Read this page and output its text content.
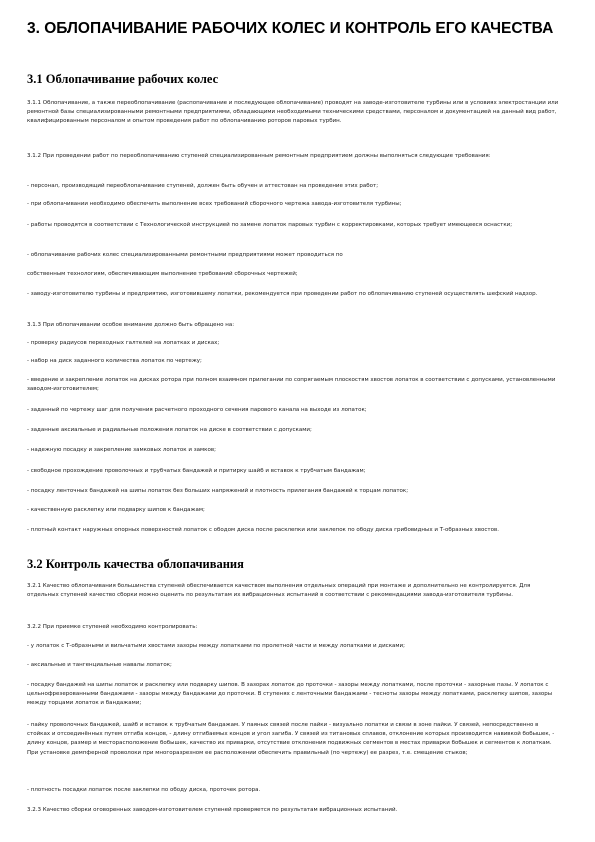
3. ОБЛОПАЧИВАНИЕ РАБОЧИХ КОЛЕС И КОНТРОЛЬ ЕГО КАЧЕСТВА
3.1 Облопачивание рабочих колес

3.1.1 Облопачивание, а также переоблопачивание (распопачивание и последующее облопачивание) проводят на заводе-изготовителе турбины или в условиях электростанции или ремонтной базы специализированными ремонтными предприятиями, обладающими необходимыми техническими средствами, персоналом и документацией на данный вид работ, квалифицированным персоналом и опытом проведения работ по облопачиванию роторов паровых турбин.

3.1.2 При проведении работ по переоблопачиванию ступеней специализированным ремонтным предприятием должны выполняться следующие требования:

- персонал, производящий переоблопачивание ступеней, должен быть обучен и аттестован на проведение этих работ;

- при облопачивании необходимо обеспечить выполнение всех требований сборочного чертежа завода-изготовителя турбины;

- работы проводятся в соответствии с Технологической инструкцией по замене лопаток паровых турбин с корректировками, которых требует имеющееся оснастки;

- облопачивание рабочих колес специализированными ремонтными предприятиями может проводиться по

собственным технологиям, обеспечивающим выполнение требований сборочных чертежей;

- заводу-изготовителю турбины и предприятию, изготовившему лопатки, рекомендуется при проведении работ по облопачиванию ступеней осуществлять шефский надзор.

3.1.3 При облопачивании особое внимание должно быть обращено на:

- проверку радиусов переходных галтелей на лопатках и дисках;

- набор на диск заданного количества лопаток по чертежу;

- введение и закрепление лопаток на дисках ротора при полном взаимном прилегании по сопрягаемым плоскостям хвостов лопаток в соответствии с допусками, установленными заводом-изготовителем;

- заданный по чертежу шаг для получения расчетного проходного сечения парового канала на выходе из лопаток;

- заданные аксиальные и радиальные положения лопаток на диске в соответствии с допусками;

- надежную посадку и закрепление замковых лопаток и замков;

- свободное прохождение проволочных и трубчатых бандажей и притирку шайб и вставок к трубчатым бандажам;

- посадку ленточных бандажей на шипы лопаток без больших напряжений и плотность прилегания бандажей к торцам лопаток;

- качественную расклепку или подварку шипов к бандажам;

- плотный контакт наружных опорных поверхностей лопаток с ободом диска после расклепки или заклепок по ободу диска грибовидных и Т-образных хвостов.

3.2 Контроль качества облопачивания

3.2.1 Качество облопачивания большинства ступеней обеспечивается качеством выполнения отдельных операций при монтаже и дополнительно не контролируется. Для отдельных ступеней качество сборки можно оценить по результатам их вибрационных испытаний в соответствии с рекомендациями завода-изготовителя турбины.

3.2.2 При приемке ступеней необходимо контролировать:

- у лопаток с Т-образными и вильчатыми хвостами зазоры между лопатками по пролетной части и между лопатками и дисками;

- аксиальные и тангенциальные навалы лопаток;

- посадку бандажей на шипы лопаток и расклепку или подварку шипов. В зазорах лопаток до проточки - зазоры между лопатками, после проточки - зазорные пазы. У лопаток с цельнофрезерованными бандажами - зазоры между бандажами до проточки. В ступенях с ленточными бандажами - тесноты зазоры между лопатками, расклепку шипов, зазоры между торцами лопаток и бандажами;

- пайку проволочных бандажей, шайб и вставок к трубчатым бандажам. У паяных связей после пайки - визуально лопатки и связи в зоне пайки. У связей, непосредственно в стойках и отсоединённых путем отгиба концов, - длину отгибаемых концов и угол загиба. У связей из титановых сплавов, отклонение которых производится навивкой бобышек, - длину концов, размер и месторасположение бобышек, качество их приварки, отсутствие отклонения подвижных сегментов в местах приварки бобышек и сегментов к лопаткам. При установке демпферной проволоки при многоразрезном ее расположении обеспечить правильный (по чертежу) ее разрез, т.е. смещение стыков;

- плотность посадки лопаток после заклепки по ободу диска, проточек ротора.

3.2.3 Качество сборки оговоренных заводом-изготовителем ступеней проверяется по результатам вибрационных испытаний.
